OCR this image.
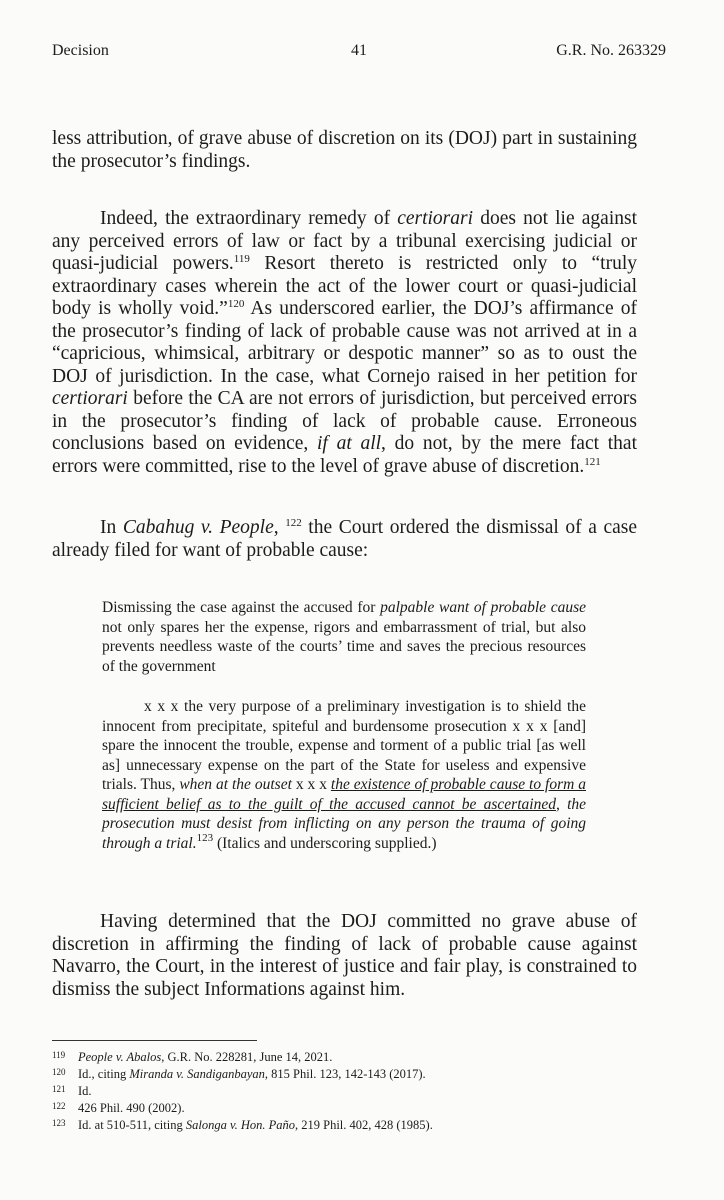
Decision	41	G.R. No. 263329
less attribution, of grave abuse of discretion on its (DOJ) part in sustaining the prosecutor’s findings.
Indeed, the extraordinary remedy of certiorari does not lie against any perceived errors of law or fact by a tribunal exercising judicial or quasi-judicial powers.$^{119}$ Resort thereto is restricted only to “truly extraordinary cases wherein the act of the lower court or quasi-judicial body is wholly void.”$^{120}$ As underscored earlier, the DOJ’s affirmance of the prosecutor’s finding of lack of probable cause was not arrived at in a “capricious, whimsical, arbitrary or despotic manner” so as to oust the DOJ of jurisdiction. In the case, what Cornejo raised in her petition for certiorari before the CA are not errors of jurisdiction, but perceived errors in the prosecutor’s finding of lack of probable cause. Erroneous conclusions based on evidence, if at all, do not, by the mere fact that errors were committed, rise to the level of grave abuse of discretion.$^{121}$
In Cabahug v. People, $^{122}$ the Court ordered the dismissal of a case already filed for want of probable cause:
Dismissing the case against the accused for palpable want of probable cause not only spares her the expense, rigors and embarrassment of trial, but also prevents needless waste of the courts’ time and saves the precious resources of the government
x x x the very purpose of a preliminary investigation is to shield the innocent from precipitate, spiteful and burdensome prosecution x x x [and] spare the innocent the trouble, expense and torment of a public trial [as well as] unnecessary expense on the part of the State for useless and expensive trials. Thus, when at the outset x x x the existence of probable cause to form a sufficient belief as to the guilt of the accused cannot be ascertained, the prosecution must desist from inflicting on any person the trauma of going through a trial.$^{123}$ (Italics and underscoring supplied.)
Having determined that the DOJ committed no grave abuse of discretion in affirming the finding of lack of probable cause against Navarro, the Court, in the interest of justice and fair play, is constrained to dismiss the subject Informations against him.
119 People v. Abalos, G.R. No. 228281, June 14, 2021.
120 Id., citing Miranda v. Sandiganbayan, 815 Phil. 123, 142-143 (2017).
121 Id.
122 426 Phil. 490 (2002).
123 Id. at 510-511, citing Salonga v. Hon. Paño, 219 Phil. 402, 428 (1985).
